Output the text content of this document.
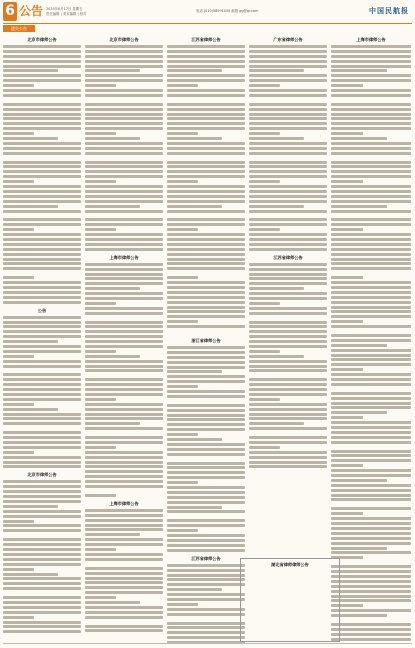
6 公告 2025年6月17日 星期五
责任编辑 | 美术编辑 | 校对
电话 (010)58591000 邮箱 gg@gr.com	中国民航报
遗失公告
北京市律师公告
公告
北京市律师公告
北京市律师公告
上海市律师公告
上海市律师公告
江苏省律师公告
浙江省律师公告
江苏省律师公告
广东省律师公告
江苏省律师公告
上海市律师公告
湖北省律师律师公告
